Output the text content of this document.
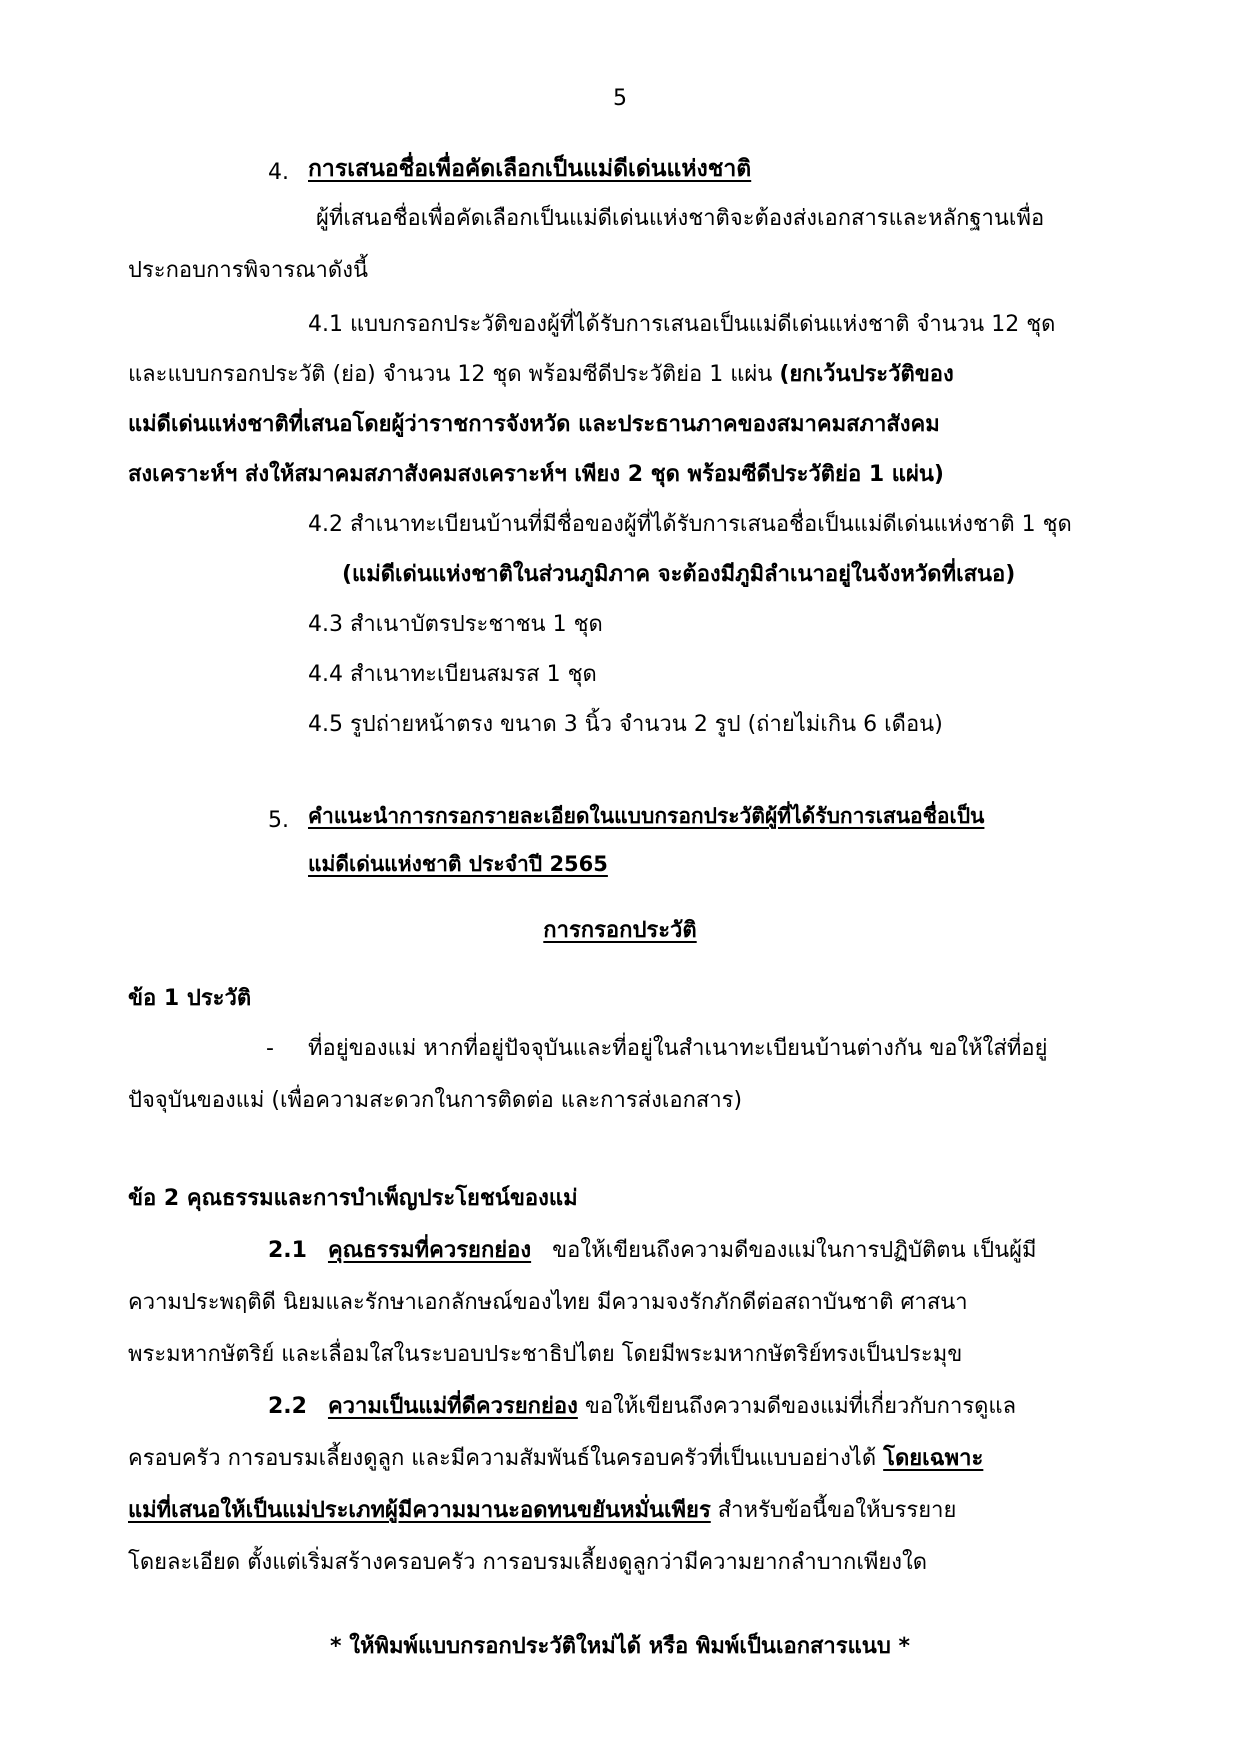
5
4. การเสนอชื่อเพื่อคัดเลือกเป็นแม่ดีเด่นแห่งชาติ
ผู้ที่เสนอชื่อเพื่อคัดเลือกเป็นแม่ดีเด่นแห่งชาติจะต้องส่งเอกสารและหลักฐานเพื่อ
ประกอบการพิจารณาดังนี้
4.1 แบบกรอกประวัติของผู้ที่ได้รับการเสนอเป็นแม่ดีเด่นแห่งชาติ จำนวน 12 ชุด
และแบบกรอกประวัติ (ย่อ) จำนวน 12 ชุด พร้อมซีดีประวัติย่อ 1 แผ่น (ยกเว้นประวัติของ
แม่ดีเด่นแห่งชาติที่เสนอโดยผู้ว่าราชการจังหวัด และประธานภาคของสมาคมสภาสังคม
สงเคราะห์ฯ ส่งให้สมาคมสภาสังคมสงเคราะห์ฯ เพียง 2 ชุด พร้อมซีดีประวัติย่อ 1 แผ่น)
4.2 สำเนาทะเบียนบ้านที่มีชื่อของผู้ที่ได้รับการเสนอชื่อเป็นแม่ดีเด่นแห่งชาติ 1 ชุด
(แม่ดีเด่นแห่งชาติในส่วนภูมิภาค จะต้องมีภูมิลำเนาอยู่ในจังหวัดที่เสนอ)
4.3 สำเนาบัตรประชาชน 1 ชุด
4.4 สำเนาทะเบียนสมรส 1 ชุด
4.5 รูปถ่ายหน้าตรง ขนาด 3 นิ้ว จำนวน 2 รูป (ถ่ายไม่เกิน 6 เดือน)
5. คำแนะนำการกรอกรายละเอียดในแบบกรอกประวัติผู้ที่ได้รับการเสนอชื่อเป็น
แม่ดีเด่นแห่งชาติ ประจำปี 2565
การกรอกประวัติ
ข้อ 1 ประวัติ
- ที่อยู่ของแม่ หากที่อยู่ปัจจุบันและที่อยู่ในสำเนาทะเบียนบ้านต่างกัน ขอให้ใส่ที่อยู่
ปัจจุบันของแม่ (เพื่อความสะดวกในการติดต่อ และการส่งเอกสาร)
ข้อ 2 คุณธรรมและการบำเพ็ญประโยชน์ของแม่
2.1 คุณธรรมที่ควรยกย่อง ขอให้เขียนถึงความดีของแม่ในการปฏิบัติตน เป็นผู้มี
ความประพฤติดี นิยมและรักษาเอกลักษณ์ของไทย มีความจงรักภักดีต่อสถาบันชาติ ศาสนา
พระมหากษัตริย์ และเลื่อมใสในระบอบประชาธิปไตย โดยมีพระมหากษัตริย์ทรงเป็นประมุข
2.2 ความเป็นแม่ที่ดีควรยกย่อง ขอให้เขียนถึงความดีของแม่ที่เกี่ยวกับการดูแล
ครอบครัว การอบรมเลี้ยงดูลูก และมีความสัมพันธ์ในครอบครัวที่เป็นแบบอย่างได้ โดยเฉพาะ
แม่ที่เสนอให้เป็นแม่ประเภทผู้มีความมานะอดทนขยันหมั่นเพียร สำหรับข้อนี้ขอให้บรรยาย
โดยละเอียด ตั้งแต่เริ่มสร้างครอบครัว การอบรมเลี้ยงดูลูกว่ามีความยากลำบากเพียงใด
* ให้พิมพ์แบบกรอกประวัติใหม่ได้ หรือ พิมพ์เป็นเอกสารแนบ *
